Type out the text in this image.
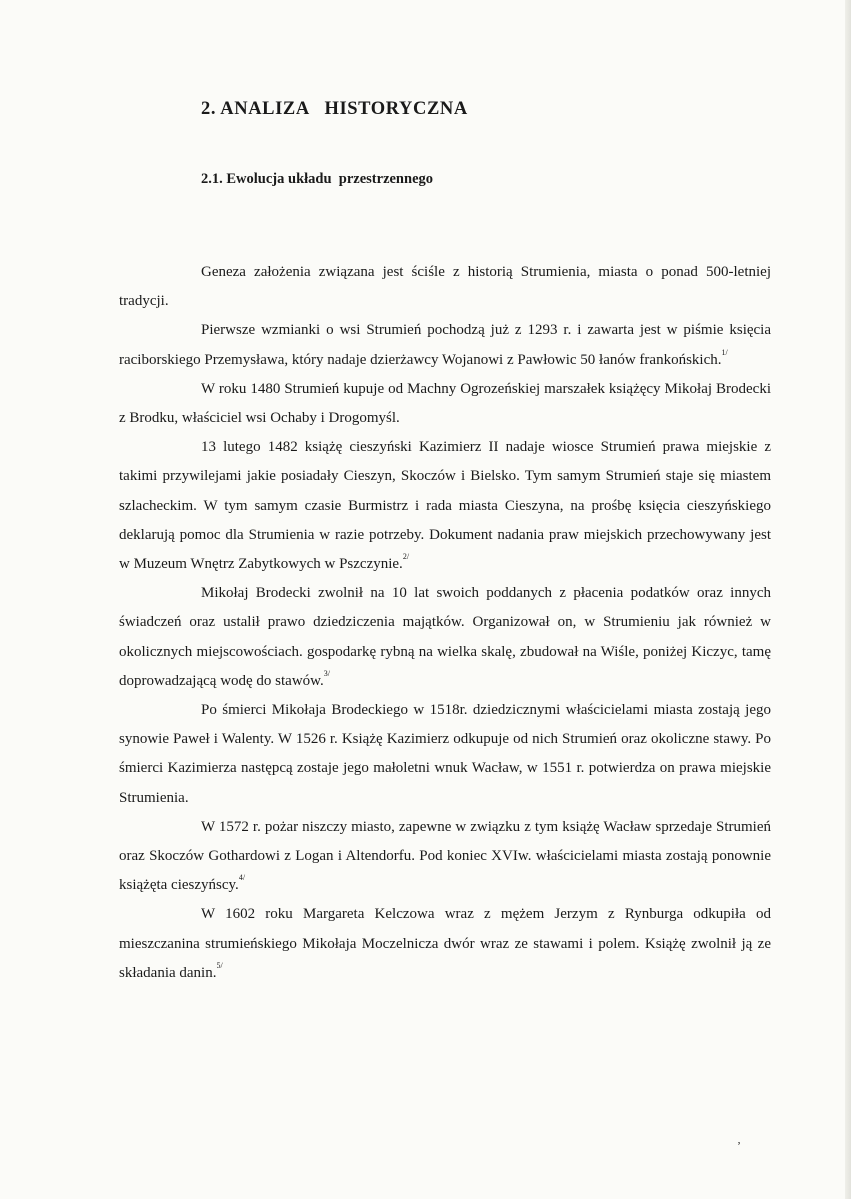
2. ANALIZA   HISTORYCZNA
2.1. Ewolucja układu  przestrzennego

Geneza założenia związana jest ściśle z historią Strumienia, miasta o ponad 500-letniej tradycji.

Pierwsze wzmianki o wsi Strumień pochodzą już z 1293 r. i zawarta jest w piśmie księcia raciborskiego Przemysława, który nadaje dzierżawcy Wojanowi z Pawłowic 50 łanów frankońskich.$^{1/}$

W roku 1480 Strumień kupuje od Machny Ogrozeńskiej marszałek książęcy Mikołaj Brodecki z Brodku, właściciel wsi Ochaby i Drogomyśl.

13 lutego 1482 książę cieszyński Kazimierz II nadaje wiosce Strumień prawa miejskie z takimi przywilejami jakie posiadały Cieszyn, Skoczów i Bielsko. Tym samym Strumień staje się miastem szlacheckim. W tym samym czasie Burmistrz i rada miasta Cieszyna, na prośbę księcia cieszyńskiego deklarują pomoc dla Strumienia w razie potrzeby. Dokument nadania praw miejskich przechowywany jest w Muzeum Wnętrz Zabytkowych w Pszczynie.$^{2/}$

Mikołaj Brodecki zwolnił na 10 lat swoich poddanych z płacenia podatków oraz innych świadczeń oraz ustalił prawo dziedziczenia majątków. Organizował on, w Strumieniu jak również w okolicznych miejscowościach. gospodarkę rybną na wielka skalę, zbudował na Wiśle, poniżej Kiczyc, tamę doprowadzającą wodę do stawów.$^{3/}$

Po śmierci Mikołaja Brodeckiego w 1518r. dziedzicznymi właścicielami miasta zostają jego synowie Paweł i Walenty. W 1526 r. Książę Kazimierz odkupuje od nich Strumień oraz okoliczne stawy. Po śmierci Kazimierza następcą zostaje jego małoletni wnuk Wacław, w 1551 r. potwierdza on prawa miejskie Strumienia.

W 1572 r. pożar niszczy miasto, zapewne w związku z tym książę Wacław sprzedaje Strumień oraz Skoczów Gothardowi z Logan i Altendorfu. Pod koniec XVIw. właścicielami miasta zostają ponownie książęta cieszyńscy.$^{4/}$

W 1602 roku Margareta Kelczowa wraz z mężem Jerzym z Rynburga odkupiła od mieszczanina strumieńskiego Mikołaja Moczelnicza dwór wraz ze stawami i polem. Książę zwolnił ją ze składania danin.$^{5/}$

‚
